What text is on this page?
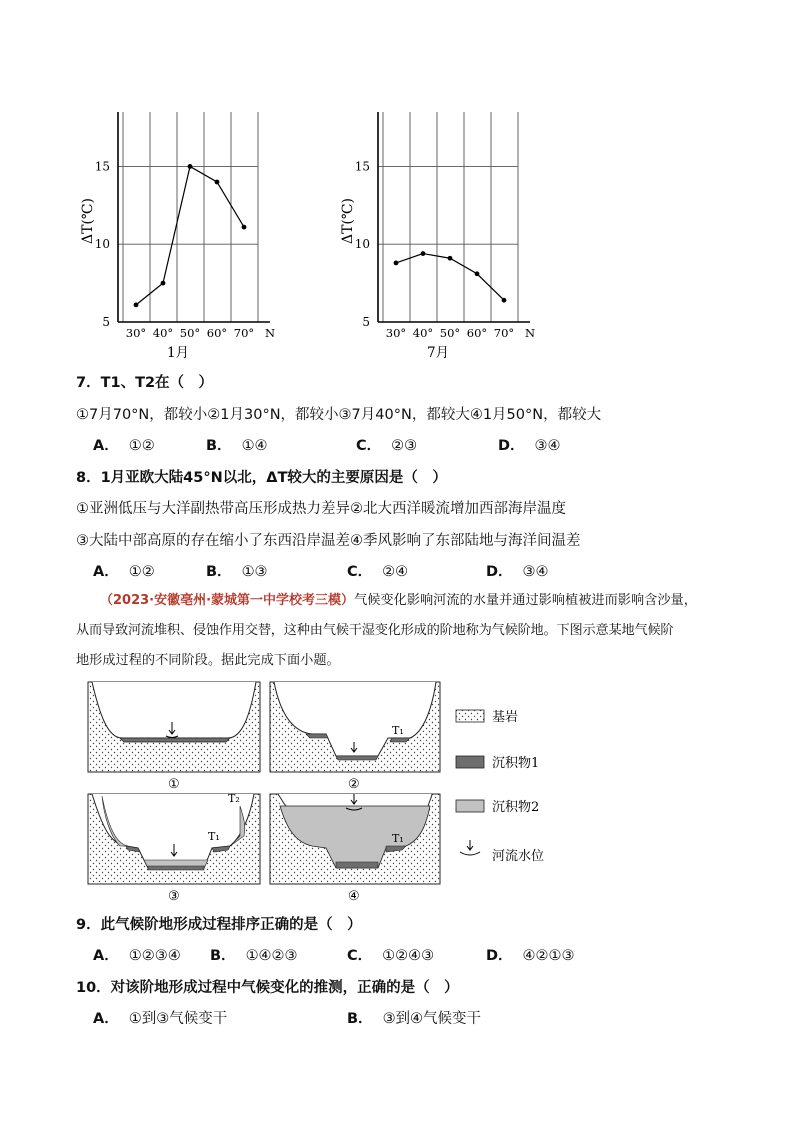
5
10
15
30° 40° 50° 60° 70° N
ΔT(℃)
1月
5
10
15
30° 40° 50° 60° 70° N
ΔT(℃)
7月
7．T1、T2在（　）
①7月70°N，都较小②1月30°N，都较小③7月40°N，都较大④1月50°N，都较大
A． ①②	B． ①④	C． ②③	D． ③④
8．1月亚欧大陆45°N以北，ΔT较大的主要原因是（　）
①亚洲低压与大洋副热带高压形成热力差异②北大西洋暖流增加西部海岸温度
③大陆中部高原的存在缩小了东西沿岸温差④季风影响了东部陆地与海洋间温差
A． ①②	B． ①③	C． ②④	D． ③④
（2023·安徽亳州·蒙城第一中学校考三模）气候变化影响河流的水量并通过影响植被进而影响含沙量，
从而导致河流堆积、侵蚀作用交替，这种由气候干湿变化形成的阶地称为气候阶地。下图示意某地气候阶
地形成过程的不同阶段。据此完成下面小题。
①
T₁
②
T₂
T₁
③
T₁
④
基岩
沉积物1
沉积物2
河流水位
9．此气候阶地形成过程排序正确的是（　）
A． ①②③④ B． ①④②③	C． ①②④③	D． ④②①③
10．对该阶地形成过程中气候变化的推测，正确的是（　）
A． ①到③气候变干	B． ③到④气候变干
